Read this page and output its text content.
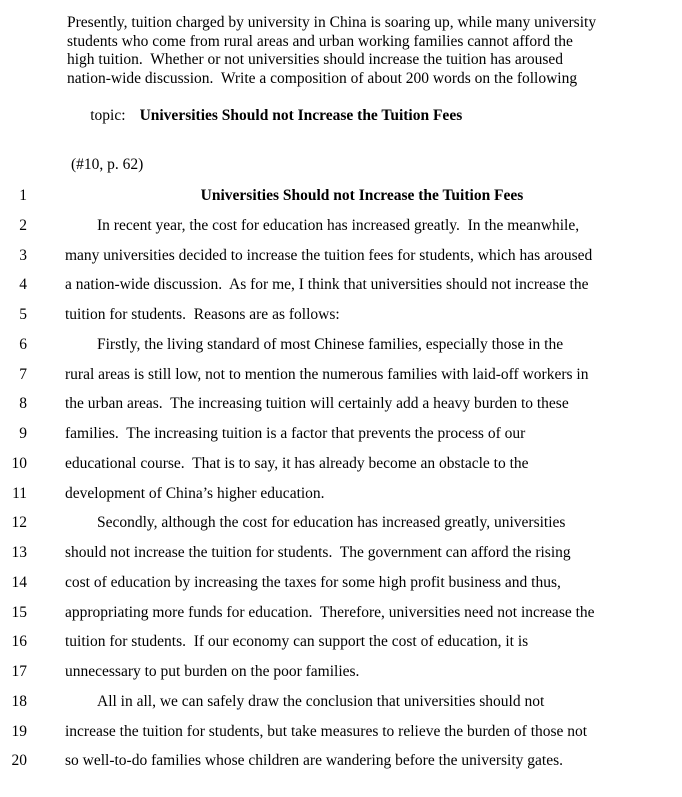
Presently, tuition charged by university in China is soaring up, while many university
students who come from rural areas and urban working families cannot afford the
high tuition.  Whether or not universities should increase the tuition has aroused
nation-wide discussion.  Write a composition of about 200 words on the following

topic: Universities Should not Increase the Tuition Fees

(#10, p. 62)
1	Universities Should not Increase the Tuition Fees
2	In recent year, the cost for education has increased greatly.  In the meanwhile,
3 many universities decided to increase the tuition fees for students, which has aroused
4 a nation-wide discussion.  As for me, I think that universities should not increase the
5 tuition for students.  Reasons are as follows:
6	Firstly, the living standard of most Chinese families, especially those in the
7 rural areas is still low, not to mention the numerous families with laid-off workers in
8 the urban areas.  The increasing tuition will certainly add a heavy burden to these
9 families.  The increasing tuition is a factor that prevents the process of our
10 educational course.  That is to say, it has already become an obstacle to the
11 development of China’s higher education.
12	Secondly, although the cost for education has increased greatly, universities
13 should not increase the tuition for students.  The government can afford the rising
14 cost of education by increasing the taxes for some high profit business and thus,
15 appropriating more funds for education.  Therefore, universities need not increase the
16 tuition for students.  If our economy can support the cost of education, it is
17 unnecessary to put burden on the poor families.
18	All in all, we can safely draw the conclusion that universities should not
19 increase the tuition for students, but take measures to relieve the burden of those not
20 so well-to-do families whose children are wandering before the university gates.
